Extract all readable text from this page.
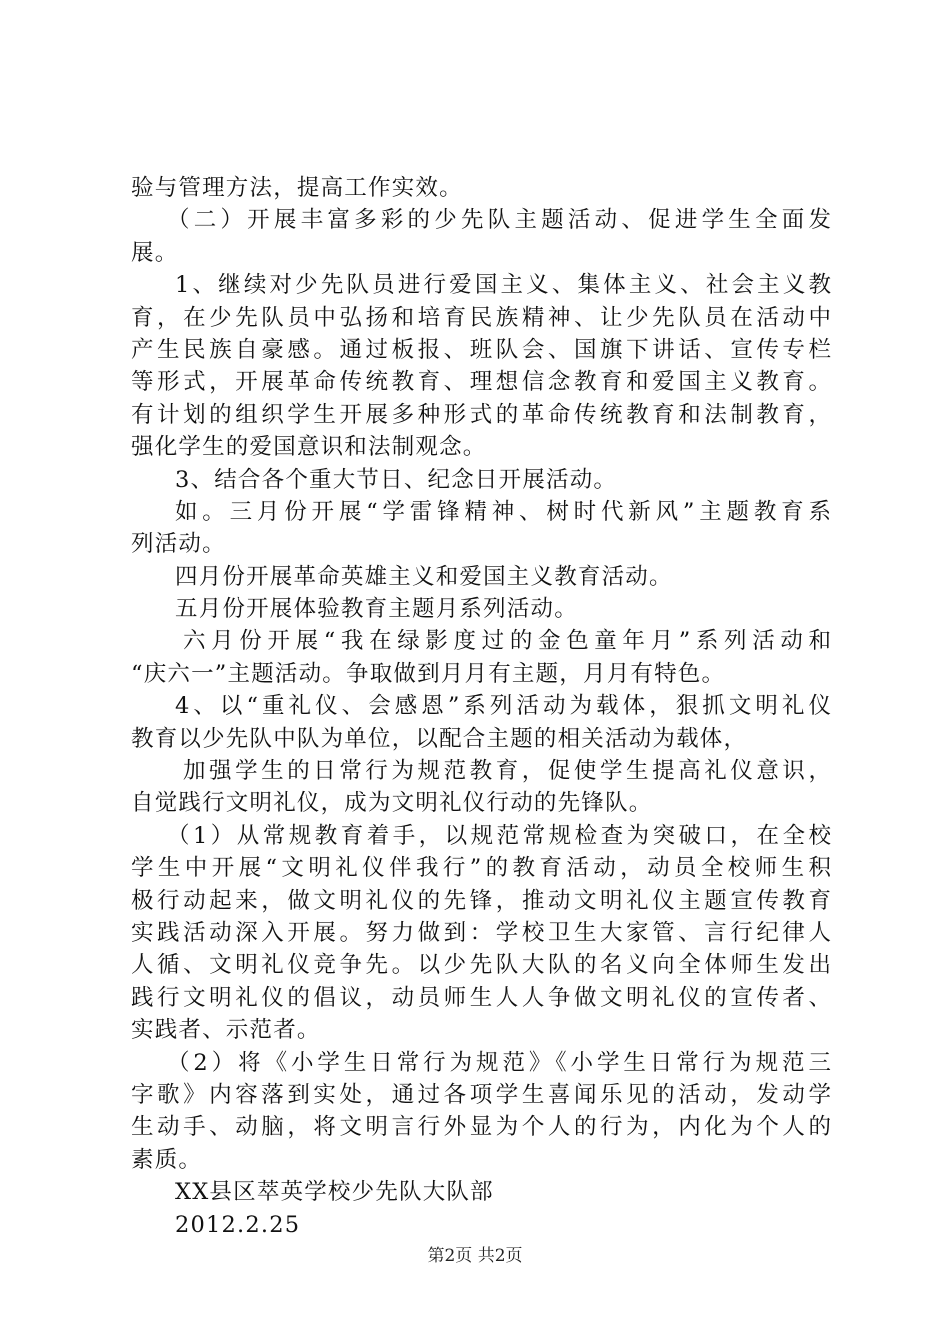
验与管理方法，提高工作实效。
（二）开展丰富多彩的少先队主题活动、促进学生全面发
展。
1、继续对少先队员进行爱国主义、集体主义、社会主义教
育，在少先队员中弘扬和培育民族精神、让少先队员在活动中
产生民族自豪感。通过板报、班队会、国旗下讲话、宣传专栏
等形式，开展革命传统教育、理想信念教育和爱国主义教育。
有计划的组织学生开展多种形式的革命传统教育和法制教育，
强化学生的爱国意识和法制观念。
3、结合各个重大节日、纪念日开展活动。
如。三月份开展“学雷锋精神、树时代新风”主题教育系
列活动。
四月份开展革命英雄主义和爱国主义教育活动。
五月份开展体验教育主题月系列活动。
六月份开展“我在绿影度过的金色童年月”系列活动和
“庆六一”主题活动。争取做到月月有主题，月月有特色。
4、以“重礼仪、会感恩”系列活动为载体，狠抓文明礼仪
教育以少先队中队为单位，以配合主题的相关活动为载体，
加强学生的日常行为规范教育，促使学生提高礼仪意识，
自觉践行文明礼仪，成为文明礼仪行动的先锋队。
（1）从常规教育着手，以规范常规检查为突破口，在全校
学生中开展“文明礼仪伴我行”的教育活动，动员全校师生积
极行动起来，做文明礼仪的先锋，推动文明礼仪主题宣传教育
实践活动深入开展。努力做到：学校卫生大家管、言行纪律人
人循、文明礼仪竞争先。以少先队大队的名义向全体师生发出
践行文明礼仪的倡议，动员师生人人争做文明礼仪的宣传者、
实践者、示范者。
（2）将《小学生日常行为规范》《小学生日常行为规范三
字歌》内容落到实处，通过各项学生喜闻乐见的活动，发动学
生动手、动脑，将文明言行外显为个人的行为，内化为个人的
素质。
XX县区萃英学校少先队大队部
2012.2.25
第2页 共2页
